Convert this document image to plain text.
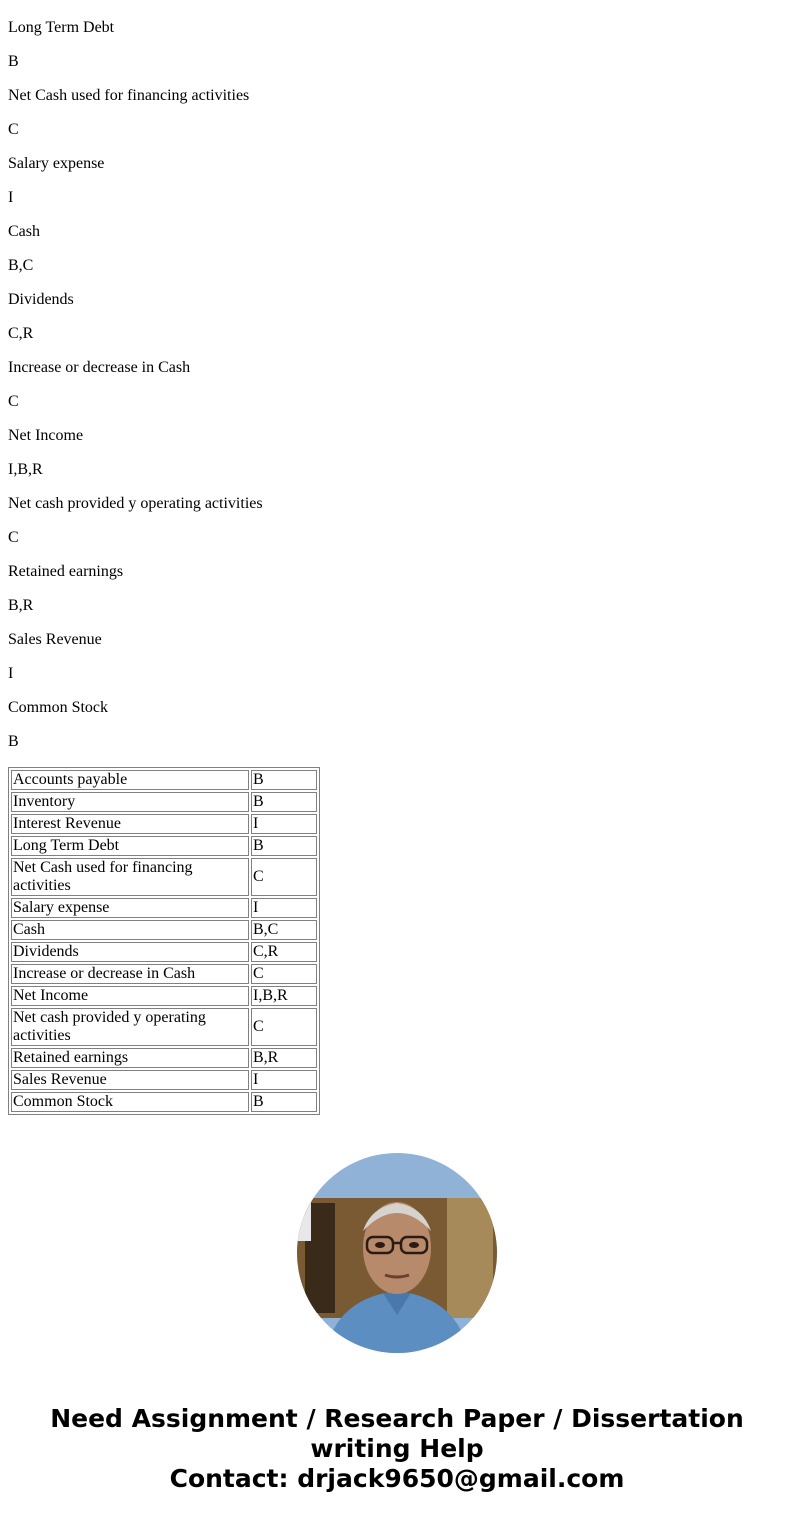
Long Term Debt
B
Net Cash used for financing activities
C
Salary expense
I
Cash
B,C
Dividends
C,R
Increase or decrease in Cash
C
Net Income
I,B,R
Net cash provided y operating activities
C
Retained earnings
B,R
Sales Revenue
I
Common Stock
B
Accounts payable	B
Inventory	B
Interest Revenue	I
Long Term Debt	B
Net Cash used for financing activities	C
Salary expense	I
Cash	B,C
Dividends	C,R
Increase or decrease in Cash	C
Net Income	I,B,R
Net cash provided y operating activities	C
Retained earnings	B,R
Sales Revenue	I
Common Stock	B
Need Assignment / Research Paper / Dissertation
writing Help
Contact: drjack9650@gmail.com
